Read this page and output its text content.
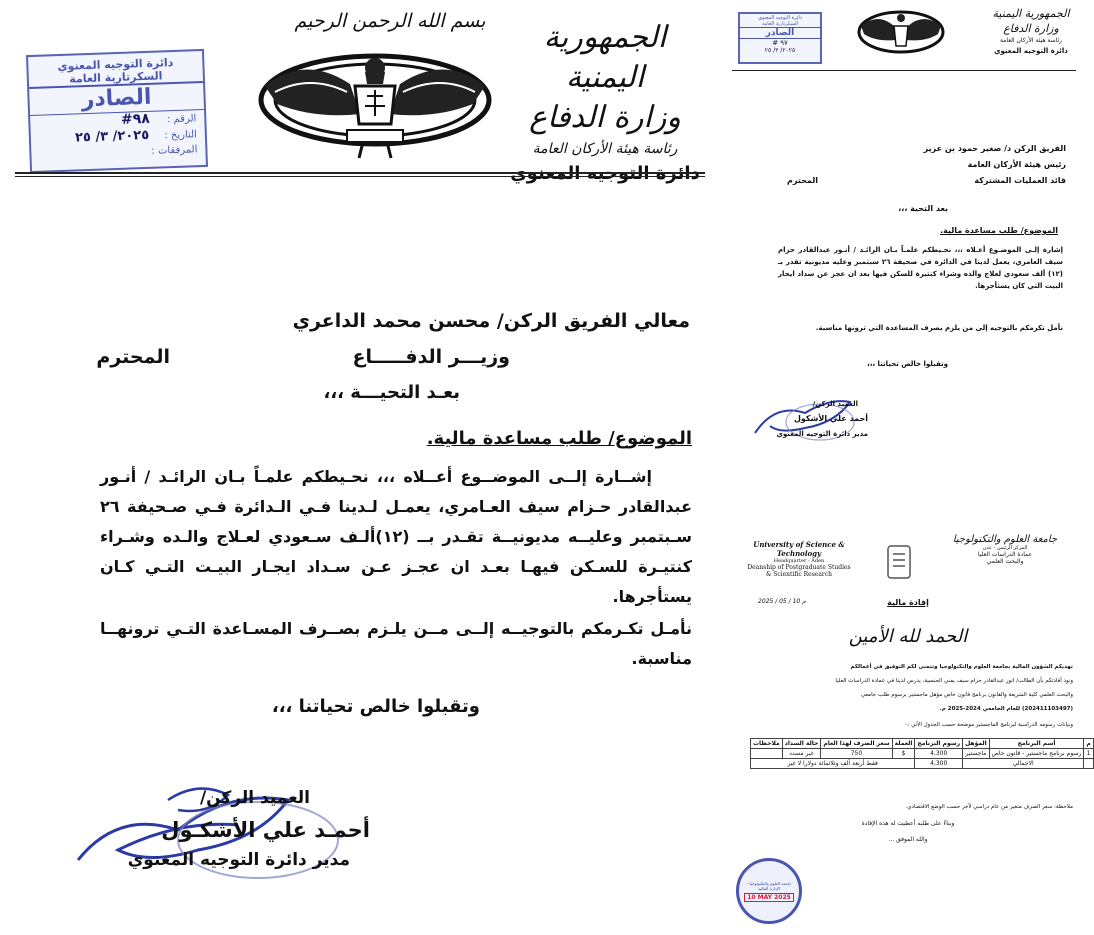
الجمهورية اليمنية
وزارة الدفاع
رئاسة هيئة الأركان العامة
بسم الله الرحمن الرحيم
دائرة التوجيه المعنوي
السكرتارية العامة
الصادر
الرقم : ٩٨#
التاريخ : ٢٠٢٥/ ٣/ ٢٥
المرفقات :
معالي الفريق الركن/ محسن محمد الداعري
وزيـــر الدفـــــاع
المحترم
بعـد التحيـــة ،،،
الموضوع/ طلب مساعدة مالية.
إشــارة إلــى الموضــوع أعــلاه ،،، نحـيطكم علمـاً بـان الرائـد / أنـور عبدالقادر حـزام سيف العـامري، يعمـل لـدينا فـي الـدائرة فـي صـحيفة ٢٦ سـبتمبر وعليــه مديونيــة تقـدر بــ (١٢)ألـف سـعودي لعـلاج والـده وشـراء كنتيـرة للسـكن فيهـا بعـد ان عجـز عـن سـداد ايجـار البيـت التـي كـان يستأجرها.
نأمـل تكـرمكم بالتوجيــه إلــى مــن يلـزم بصــرف المسـاعدة التـي ترونهــا مناسبة.
وتقبلوا خالص تحياتنا ،،،
العميد الركن/
أحمـد علي الأشكـول
مدير دائرة التوجيه المعنوي
الجمهورية اليمنية
وزارة الدفاع
رئاسة هيئة الأركان العامة
دائرة التوجيه المعنوي
دائرة التوجيه المعنوي
السكرتارية العامة
الصادر
٩٧ #
٢٠٢٥/ ٣/ ٢٥
الفريق الركن د/ صغير حمود بن عزيز
رئيس هيئة الأركان العامة
قائد العمليات المشتركة
المحترم
بعد التحية ،،،
الموضوع/ طلب مساعدة مالية.
إشارة إلـى الموضـوع أعـلاه ،،، نحـيطكم علمـاً بـان الرائـد / أنـور عبدالقادر حزام سيف العامري، يعمل لدينا في الدائرة في صحيفة ٢٦ سبتمبر وعليه مديونية تقدر بـ (١٢) ألف سعودي لعلاج والده وشراء كنتيرة للسكن فيها بعد ان عجز عن سداد ايجار البيت التي كان يستأجرها.
نأمل تكرمكم بالتوجيه إلى من يلزم بصرف المساعدة التي ترونها مناسبة.
وتقبلوا خالص تحياتنا ،،،
العميد الركن/
أحمد علي الأشكول
مدير دائرة التوجيه المعنوي
University of Science & Technology
Headquarter - Aden
Deanship of Postgraduate Studies
& Scientific Research
جامعة العلوم والتكنولوجيا
المركز الرئيس - عدن
عمادة الدراسات العليا
والبحث العلمي
2025 / 05 / 10 م	إفادة مالية
الحمد لله الأمين
تهديكم الشؤون المالية بجامعة العلوم والتكنولوجيا وتتمنى لكم التوفيق في أعمالكم
ونود أفادتكم بأن الطالب/ انور عبدالقادر حزام سيف يمني الجنسية، يدرس لدينا في عمادة الدراسات العليا
والبحث العلمي كلية الشريعة والقانون برنامج قانون خاص مؤهل ماجستير برسوم طلب جامعي
(202411103497) للعام الجامعي 2024-2025 م.
وبيانات رسومه الدراسية لبرنامج الماجستير موضحة حسب الجدول الآتي :-
م	أسم البرنامج	المؤهل	رسوم البرنامج	العملة	سعر الصرف لهذا العام	حالة السداد	ملاحظات
1	رسوم برنامج ماجستير - قانون خاص	ماجستير	4,300	$	750	غير مسدد	
	الاجمالي		4,300	فقط أربعة آلف وثلاثمائة دولارا لا غير			
ملاحظة: سعر الصرف متغير من عام دراسي لآخر حسب الوضع الاقتصادي.
وبناءً على طلبه أعطيت له هذه الإفادة
والله الموفق ...
جامعة العلوم والتكنولوجيا - الإدارة المالية
10 MAY 2025
